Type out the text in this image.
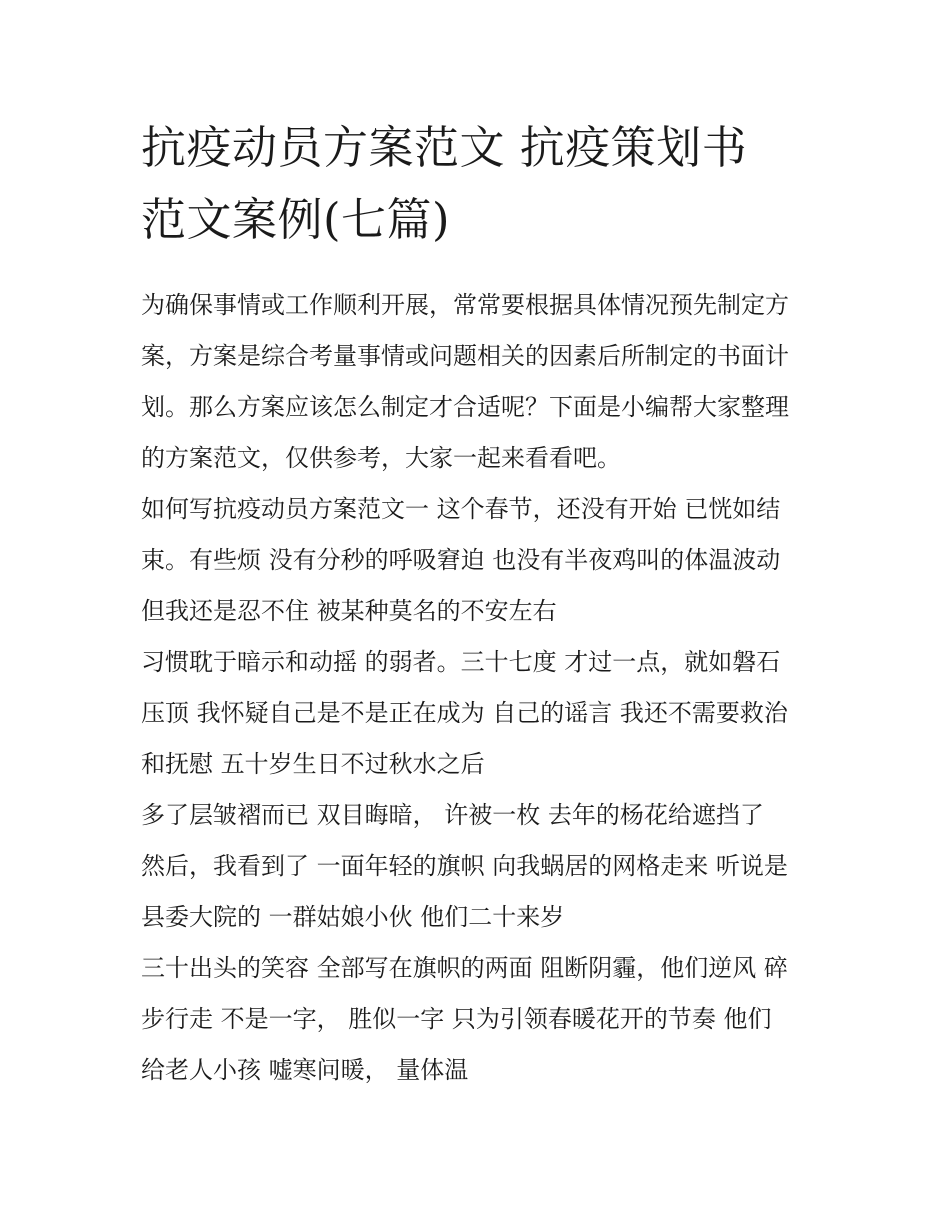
抗疫动员方案范文 抗疫策划书
范文案例(七篇)
为确保事情或工作顺利开展，常常要根据具体情况预先制定方
案，方案是综合考量事情或问题相关的因素后所制定的书面计
划。那么方案应该怎么制定才合适呢？下面是小编帮大家整理
的方案范文，仅供参考，大家一起来看看吧。
如何写抗疫动员方案范文一 这个春节，还没有开始 已恍如结
束。有些烦 没有分秒的呼吸窘迫 也没有半夜鸡叫的体温波动
但我还是忍不住 被某种莫名的不安左右
习惯耽于暗示和动摇 的弱者。三十七度 才过一点，就如磐石
压顶 我怀疑自己是不是正在成为 自己的谣言 我还不需要救治
和抚慰 五十岁生日不过秋水之后
多了层皱褶而已 双目晦暗， 许被一枚 去年的杨花给遮挡了
然后，我看到了 一面年轻的旗帜 向我蜗居的网格走来 听说是
县委大院的 一群姑娘小伙 他们二十来岁
三十出头的笑容 全部写在旗帜的两面 阻断阴霾，他们逆风 碎
步行走 不是一字， 胜似一字 只为引领春暖花开的节奏 他们
给老人小孩 嘘寒问暖， 量体温
